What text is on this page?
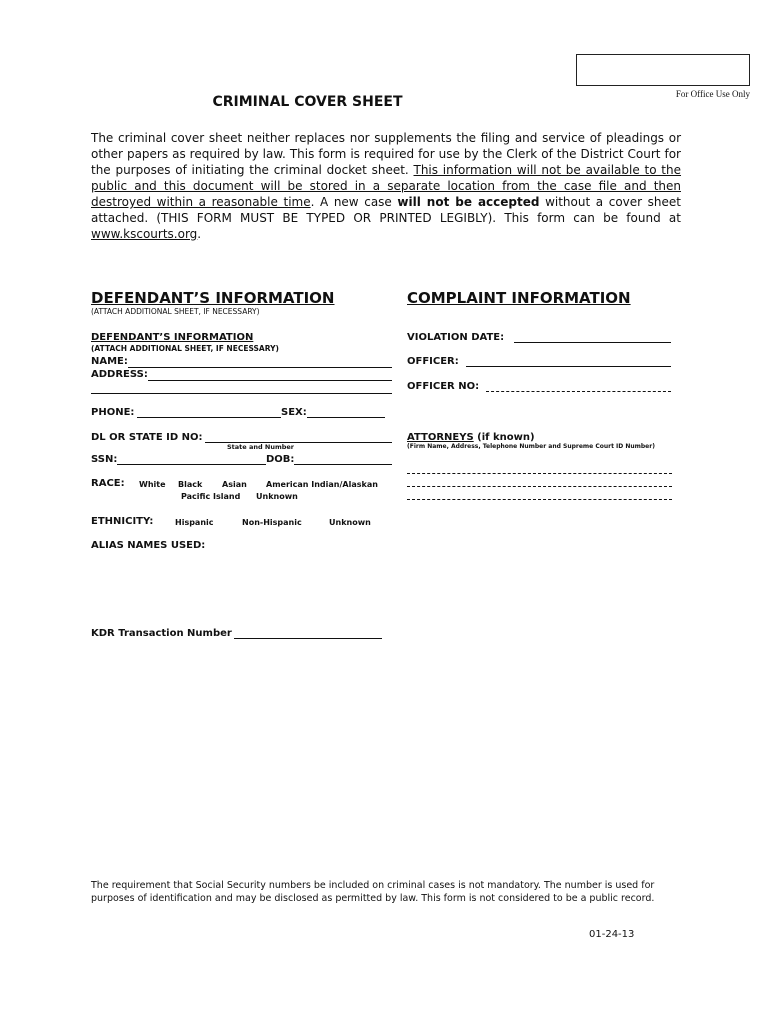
For Office Use Only
CRIMINAL COVER SHEET
The criminal cover sheet neither replaces nor supplements the filing and service of pleadings or other papers as required by law. This form is required for use by the Clerk of the District Court for the purposes of initiating the criminal docket sheet. This information will not be available to the public and this document will be stored in a separate location from the case file and then destroyed within a reasonable time. A new case will not be accepted without a cover sheet attached. (THIS FORM MUST BE TYPED OR PRINTED LEGIBLY). This form can be found at www.kscourts.org.
DEFENDANT’S INFORMATION
(ATTACH ADDITIONAL SHEET, IF NECESSARY)
DEFENDANT’S INFORMATION
(ATTACH ADDITIONAL SHEET, IF NECESSARY)
NAME:
ADDRESS:
PHONE:	SEX:
DL OR STATE ID NO:
State and Number
SSN:	DOB:
RACE: White Black Asian American Indian/Alaskan
Pacific Island Unknown
ETHNICITY:	Hispanic	Non-Hispanic	Unknown
ALIAS NAMES USED:
KDR Transaction Number
COMPLAINT INFORMATION
VIOLATION DATE:
OFFICER:
OFFICER NO:
ATTORNEYS (if known)
(Firm Name, Address, Telephone Number and Supreme Court ID Number)
The requirement that Social Security numbers be included on criminal cases is not mandatory. The number is used for purposes of identification and may be disclosed as permitted by law. This form is not considered to be a public record.
01-24-13
